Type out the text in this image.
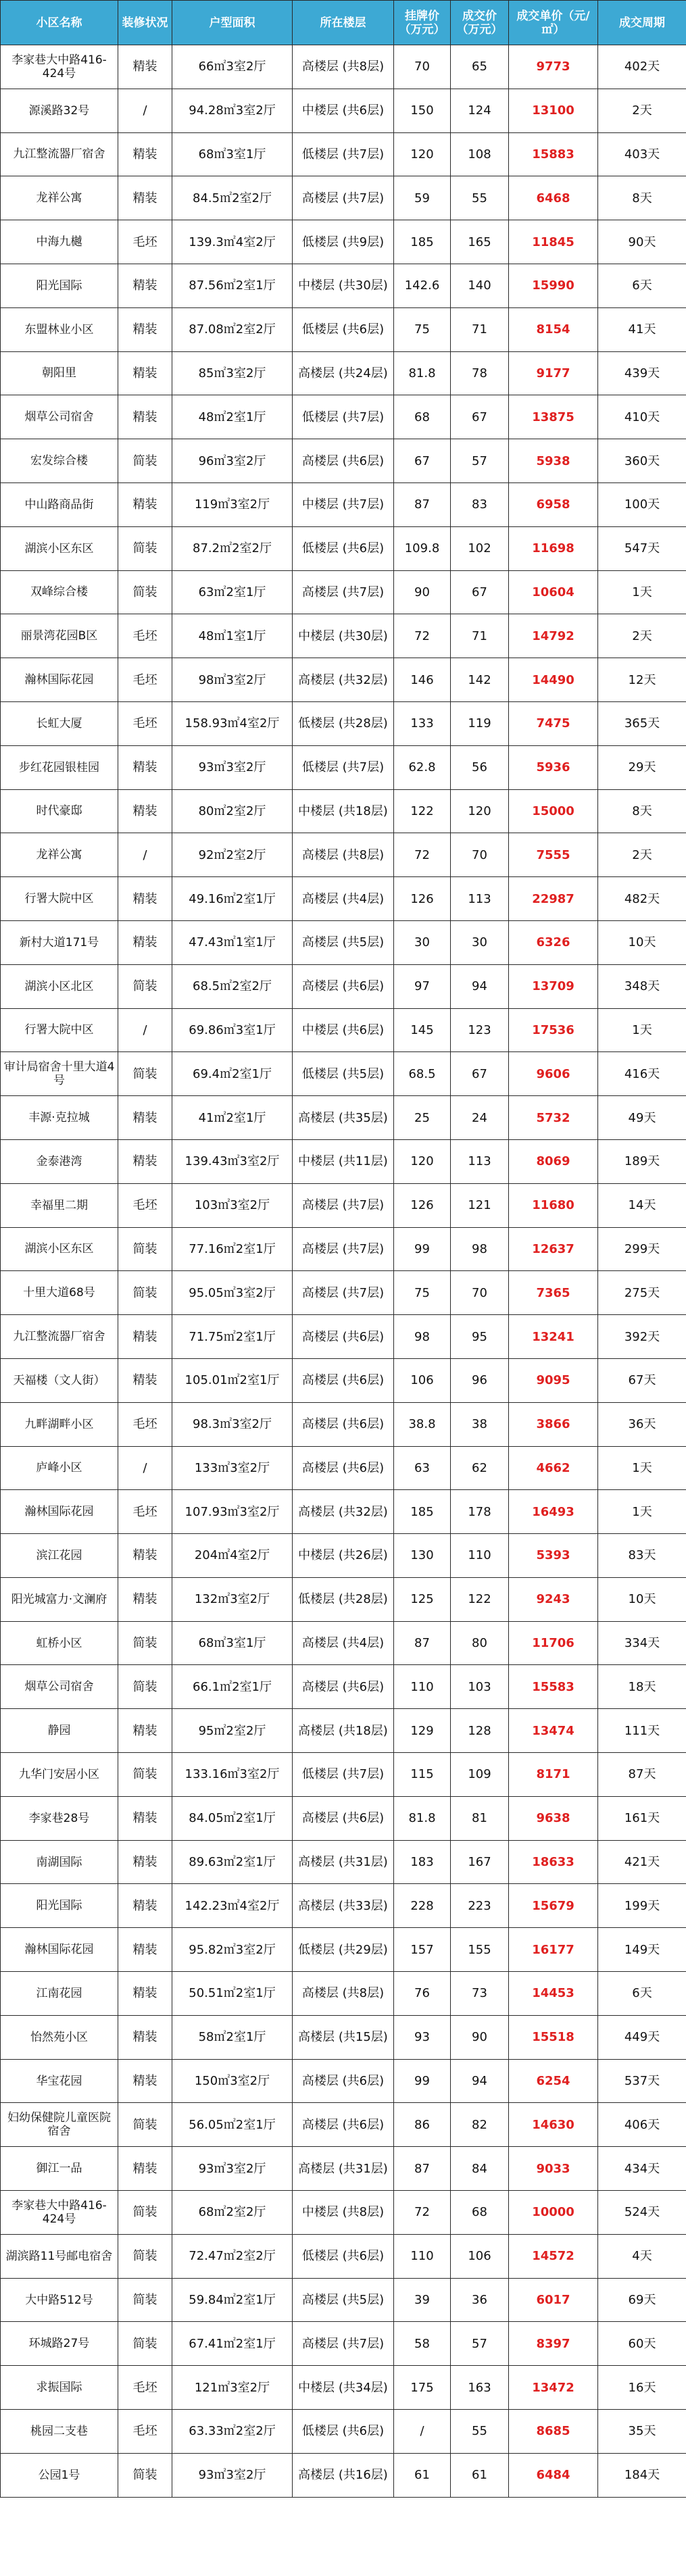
小区名称	装修状况	户型面积	所在楼层	挂牌价（万元）	成交价（万元）	成交单价（元/㎡）	成交周期
李家巷大中路416-424号	精装	66㎡3室2厅	高楼层 (共8层)	70	65	9773	402天
源溪路32号	/	94.28㎡3室2厅	中楼层 (共6层)	150	124	13100	2天
九江整流器厂宿舍	精装	68㎡3室1厅	低楼层 (共7层)	120	108	15883	403天
龙祥公寓	精装	84.5㎡2室2厅	高楼层 (共7层)	59	55	6468	8天
中海九樾	毛坯	139.3㎡4室2厅	低楼层 (共9层)	185	165	11845	90天
阳光国际	精装	87.56㎡2室1厅	中楼层 (共30层)	142.6	140	15990	6天
东盟林业小区	精装	87.08㎡2室2厅	低楼层 (共6层)	75	71	8154	41天
朝阳里	精装	85㎡3室2厅	高楼层 (共24层)	81.8	78	9177	439天
烟草公司宿舍	精装	48㎡2室1厅	低楼层 (共7层)	68	67	13875	410天
宏发综合楼	简装	96㎡3室2厅	高楼层 (共6层)	67	57	5938	360天
中山路商品街	精装	119㎡3室2厅	中楼层 (共7层)	87	83	6958	100天
湖滨小区东区	简装	87.2㎡2室2厅	低楼层 (共6层)	109.8	102	11698	547天
双峰综合楼	简装	63㎡2室1厅	高楼层 (共7层)	90	67	10604	1天
丽景湾花园B区	毛坯	48㎡1室1厅	中楼层 (共30层)	72	71	14792	2天
瀚林国际花园	毛坯	98㎡3室2厅	高楼层 (共32层)	146	142	14490	12天
长虹大厦	毛坯	158.93㎡4室2厅	低楼层 (共28层)	133	119	7475	365天
步红花园银桂园	精装	93㎡3室2厅	低楼层 (共7层)	62.8	56	5936	29天
时代豪邸	精装	80㎡2室2厅	中楼层 (共18层)	122	120	15000	8天
龙祥公寓	/	92㎡2室2厅	高楼层 (共8层)	72	70	7555	2天
行署大院中区	精装	49.16㎡2室1厅	高楼层 (共4层)	126	113	22987	482天
新村大道171号	精装	47.43㎡1室1厅	高楼层 (共5层)	30	30	6326	10天
湖滨小区北区	简装	68.5㎡2室2厅	高楼层 (共6层)	97	94	13709	348天
行署大院中区	/	69.86㎡3室1厅	中楼层 (共6层)	145	123	17536	1天
审计局宿舍十里大道4号	简装	69.4㎡2室1厅	低楼层 (共5层)	68.5	67	9606	416天
丰源·克拉城	精装	41㎡2室1厅	高楼层 (共35层)	25	24	5732	49天
金泰港湾	精装	139.43㎡3室2厅	中楼层 (共11层)	120	113	8069	189天
幸福里二期	毛坯	103㎡3室2厅	高楼层 (共7层)	126	121	11680	14天
湖滨小区东区	简装	77.16㎡2室1厅	高楼层 (共7层)	99	98	12637	299天
十里大道68号	简装	95.05㎡3室2厅	高楼层 (共7层)	75	70	7365	275天
九江整流器厂宿舍	精装	71.75㎡2室1厅	高楼层 (共6层)	98	95	13241	392天
天福楼（文人街）	精装	105.01㎡2室1厅	高楼层 (共6层)	106	96	9095	67天
九畔湖畔小区	毛坯	98.3㎡3室2厅	高楼层 (共6层)	38.8	38	3866	36天
庐峰小区	/	133㎡3室2厅	高楼层 (共6层)	63	62	4662	1天
瀚林国际花园	毛坯	107.93㎡3室2厅	高楼层 (共32层)	185	178	16493	1天
滨江花园	精装	204㎡4室2厅	中楼层 (共26层)	130	110	5393	83天
阳光城富力·文澜府	精装	132㎡3室2厅	低楼层 (共28层)	125	122	9243	10天
虹桥小区	简装	68㎡3室1厅	高楼层 (共4层)	87	80	11706	334天
烟草公司宿舍	简装	66.1㎡2室1厅	高楼层 (共6层)	110	103	15583	18天
静园	精装	95㎡2室2厅	高楼层 (共18层)	129	128	13474	111天
九华门安居小区	简装	133.16㎡3室2厅	低楼层 (共7层)	115	109	8171	87天
李家巷28号	精装	84.05㎡2室1厅	高楼层 (共6层)	81.8	81	9638	161天
南湖国际	精装	89.63㎡2室1厅	高楼层 (共31层)	183	167	18633	421天
阳光国际	精装	142.23㎡4室2厅	高楼层 (共33层)	228	223	15679	199天
瀚林国际花园	精装	95.82㎡3室2厅	低楼层 (共29层)	157	155	16177	149天
江南花园	精装	50.51㎡2室1厅	高楼层 (共8层)	76	73	14453	6天
怡然苑小区	精装	58㎡2室1厅	高楼层 (共15层)	93	90	15518	449天
华宝花园	精装	150㎡3室2厅	高楼层 (共6层)	99	94	6254	537天
妇幼保健院儿童医院宿舍	简装	56.05㎡2室1厅	高楼层 (共6层)	86	82	14630	406天
御江一品	精装	93㎡3室2厅	高楼层 (共31层)	87	84	9033	434天
李家巷大中路416-424号	简装	68㎡2室2厅	中楼层 (共8层)	72	68	10000	524天
湖滨路11号邮电宿舍	简装	72.47㎡2室2厅	低楼层 (共6层)	110	106	14572	4天
大中路512号	简装	59.84㎡2室1厅	高楼层 (共5层)	39	36	6017	69天
环城路27号	简装	67.41㎡2室1厅	高楼层 (共7层)	58	57	8397	60天
求振国际	毛坯	121㎡3室2厅	中楼层 (共34层)	175	163	13472	16天
桃园二支巷	毛坯	63.33㎡2室2厅	低楼层 (共6层)	/	55	8685	35天
公园1号	简装	93㎡3室2厅	高楼层 (共16层)	61	61	6484	184天
